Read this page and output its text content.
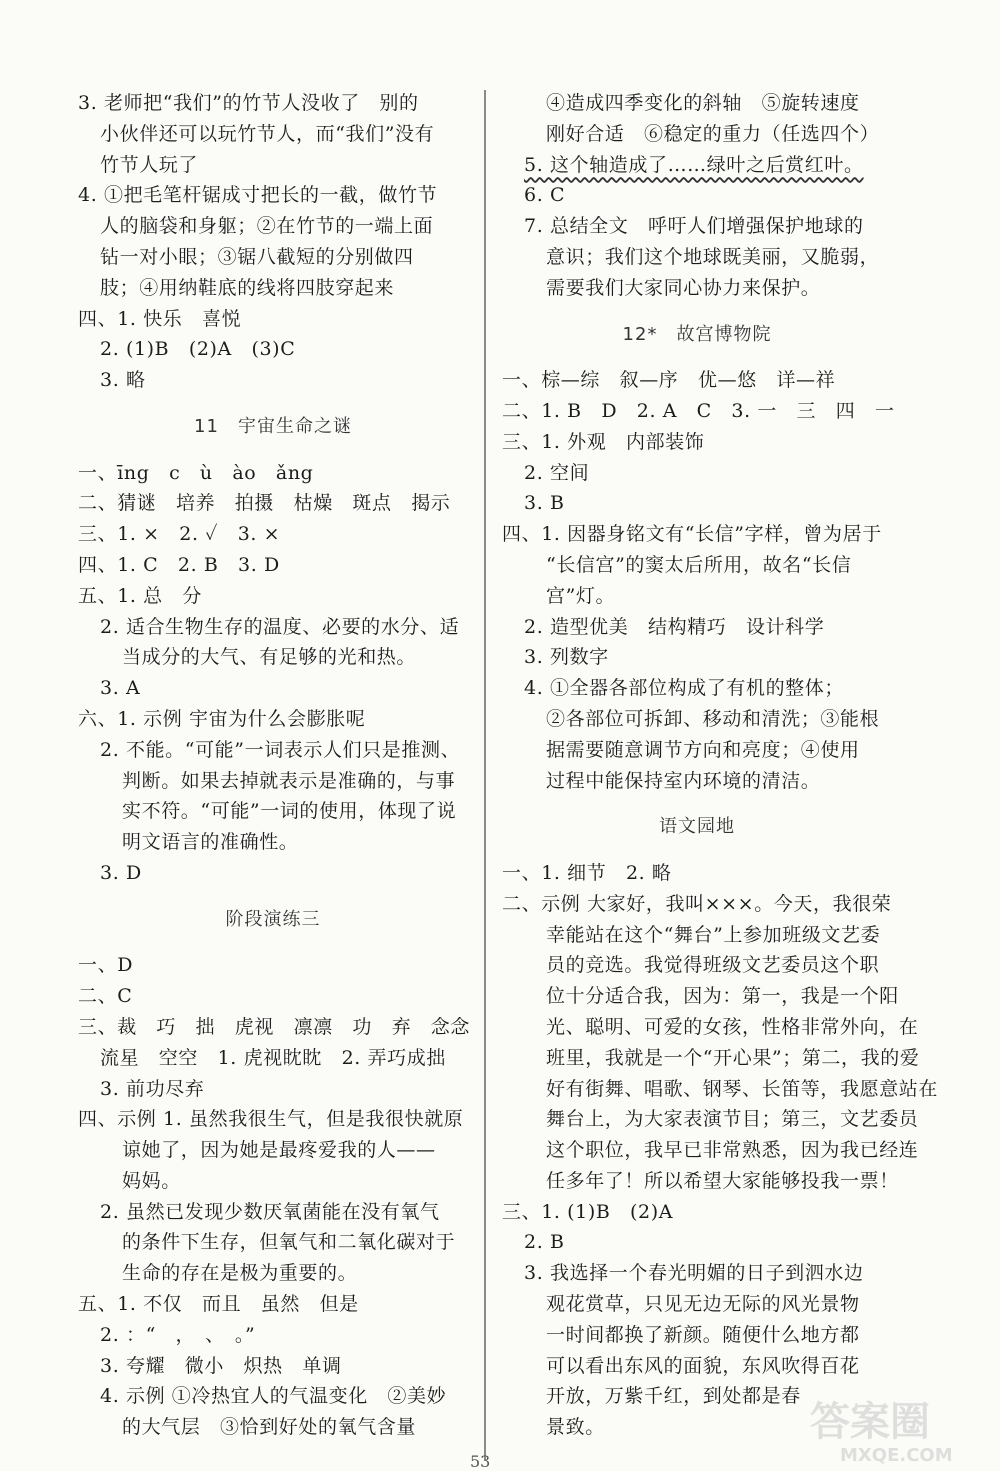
3. 老师把“我们”的竹节人没收了　别的
小伙伴还可以玩竹节人，而“我们”没有
竹节人玩了
4. ①把毛笔杆锯成寸把长的一截，做竹节
人的脑袋和身躯；②在竹节的一端上面
钻一对小眼；③锯八截短的分别做四
肢；④用纳鞋底的线将四肢穿起来
四、1. 快乐　喜悦
2. (1)B　(2)A　(3)C
3. 略
11　宇宙生命之谜
一、īng　c　ù　ào　ǎng
二、猜谜　培养　拍摄　枯燥　斑点　揭示
三、1. ×　2. ✓　3. ×
四、1. C　2. B　3. D
五、1. 总　分
2. 适合生物生存的温度、必要的水分、适
当成分的大气、有足够的光和热。
3. A
六、1. 示例 宇宙为什么会膨胀呢
2. 不能。“可能”一词表示人们只是推测、
判断。如果去掉就表示是准确的，与事
实不符。“可能”一词的使用，体现了说
明文语言的准确性。
3. D
阶段演练三
一、D
二、C
三、裁　巧　拙　虎视　凛凛　功　弃　念念
流星　空空　1. 虎视眈眈　2. 弄巧成拙
3. 前功尽弃
四、示例 1. 虽然我很生气，但是我很快就原
谅她了，因为她是最疼爱我的人——
妈妈。
2. 虽然已发现少数厌氧菌能在没有氧气
的条件下生存，但氧气和二氧化碳对于
生命的存在是极为重要的。
五、1. 不仅　而且　虽然　但是
2. ：“　，　、　。”
3. 夸耀　微小　炽热　单调
4. 示例 ①冷热宜人的气温变化　②美妙
的大气层　③恰到好处的氧气含量
④造成四季变化的斜轴　⑤旋转速度
刚好合适　⑥稳定的重力（任选四个）
5. 这个轴造成了……绿叶之后赏红叶。
6. C
7. 总结全文　呼吁人们增强保护地球的
意识；我们这个地球既美丽，又脆弱，
需要我们大家同心协力来保护。
12*　故宫博物院
一、棕—综　叙—序　优—悠　详—祥
二、1. B　D　2. A　C　3. 一　三　四　一
三、1. 外观　内部装饰
2. 空间
3. B
四、1. 因器身铭文有“长信”字样，曾为居于
“长信宫”的窦太后所用，故名“长信
宫”灯。
2. 造型优美　结构精巧　设计科学
3. 列数字
4. ①全器各部位构成了有机的整体；
②各部位可拆卸、移动和清洗；③能根
据需要随意调节方向和亮度；④使用
过程中能保持室内环境的清洁。
语文园地
一、1. 细节　2. 略
二、示例 大家好，我叫×××。今天，我很荣
幸能站在这个“舞台”上参加班级文艺委
员的竞选。我觉得班级文艺委员这个职
位十分适合我，因为：第一，我是一个阳
光、聪明、可爱的女孩，性格非常外向，在
班里，我就是一个“开心果”；第二，我的爱
好有街舞、唱歌、钢琴、长笛等，我愿意站在
舞台上，为大家表演节目；第三，文艺委员
这个职位，我早已非常熟悉，因为我已经连
任多年了！所以希望大家能够投我一票！
三、1. (1)B　(2)A
2. B
3. 我选择一个春光明媚的日子到泗水边
观花赏草，只见无边无际的风光景物
一时间都换了新颜。随便什么地方都
可以看出东风的面貌，东风吹得百花
开放，万紫千红，到处都是春
景致。
53
答案圈
MXQE.COM
